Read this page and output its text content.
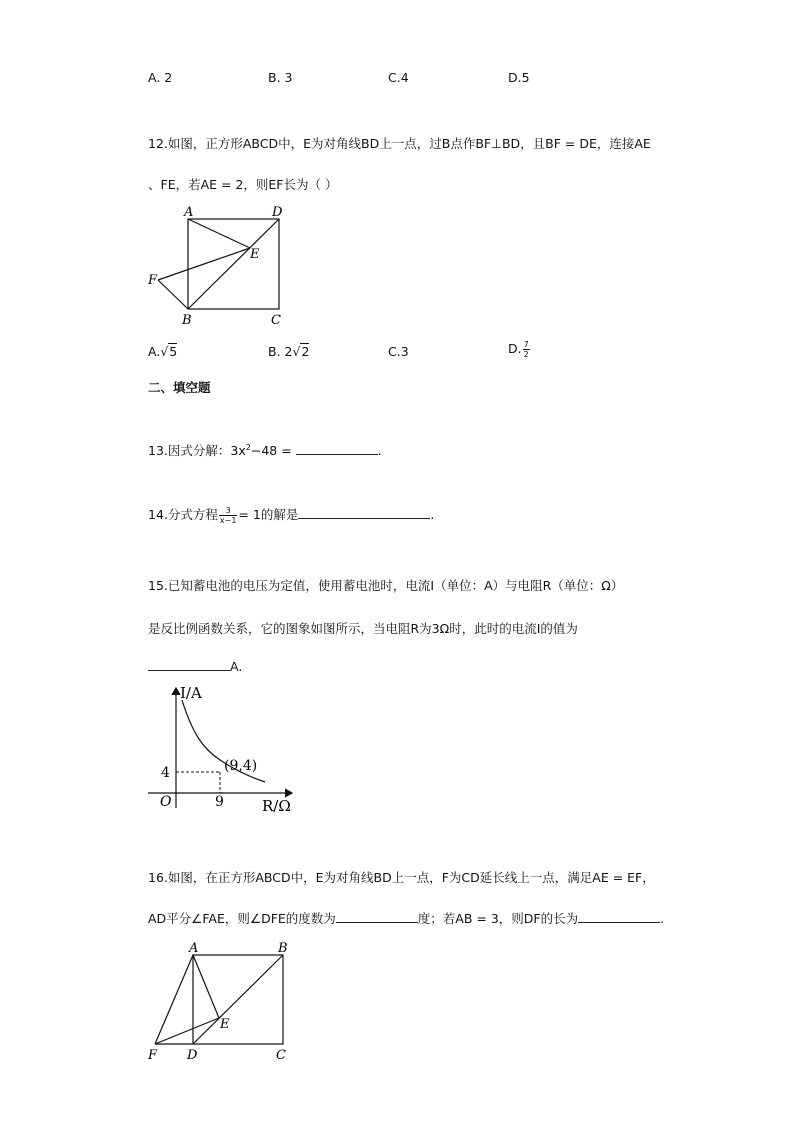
A. 2	B. 3	C.4	D.5
12.如图，正方形ABCD中，E为对角线BD上一点，过B点作BF⊥BD，且BF = DE，连接AE
、FE，若AE = 2，则EF长为（ ）
A	D
E
F
B	C
A.√5	B. 2√2	C.3	D. $\frac{7}{2}$
二、填空题
13.因式分解：$3x^2-48$ =	.
14.分式方程 $\frac{3}{x-1} = 1$的解是	.
15.已知蓄电池的电压为定值，使用蓄电池时，电流I（单位：A）与电阻R（单位：Ω）
是反比例函数关系，它的图象如图所示，当电阻R为3Ω时，此时的电流I的值为
A.
I/A
R/Ω
O	9
4	(9,4)
16.如图，在正方形ABCD中，E为对角线BD上一点，F为CD延长线上一点，满足AE = EF，
AD平分∠FAE，则∠DFE的度数为	度；若AB = 3，则DF的长为	.
A	B
E
F D	C
